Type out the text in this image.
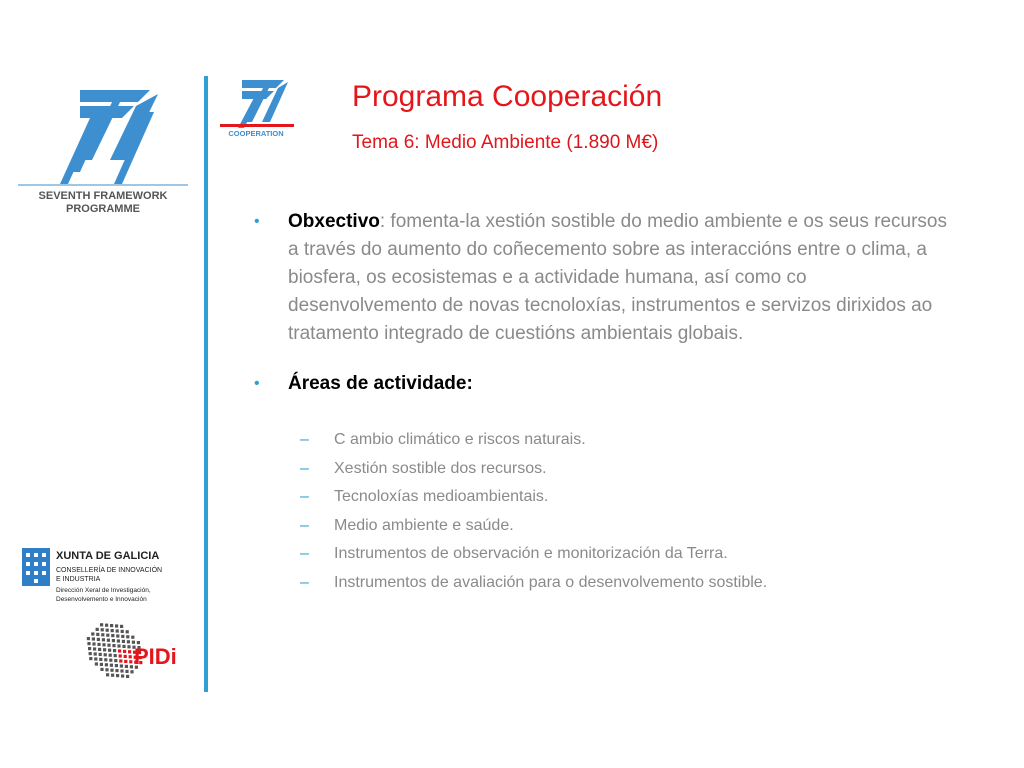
SEVENTH FRAMEWORK
PROGRAMME
COOPERATION
Programa Cooperación
Tema 6: Medio Ambiente (1.890 M€)
• Obxectivo: fomenta-la xestión sostible do medio ambiente e os seus recursos a través do aumento do coñecemento sobre as interaccións entre o clima, a biosfera, os ecosistemas e a actividade humana, así como co desenvolvemento de novas tecnoloxías, instrumentos e servizos dirixidos ao tratamento integrado de cuestións ambientais globais.
• Áreas de actividade:
– C ambio climático e riscos naturais.
– Xestión sostible dos recursos.
– Tecnoloxías medioambientais.
– Medio ambiente e saúde.
– Instrumentos de observación e monitorización da Terra.
– Instrumentos de avaliación para o desenvolvemento sostible.
XUNTA DE GALICIA
CONSELLERÍA DE INNOVACIÓN
E INDUSTRIA
Dirección Xeral de Investigación,
Desenvolvemento e Innovación
PIDi
